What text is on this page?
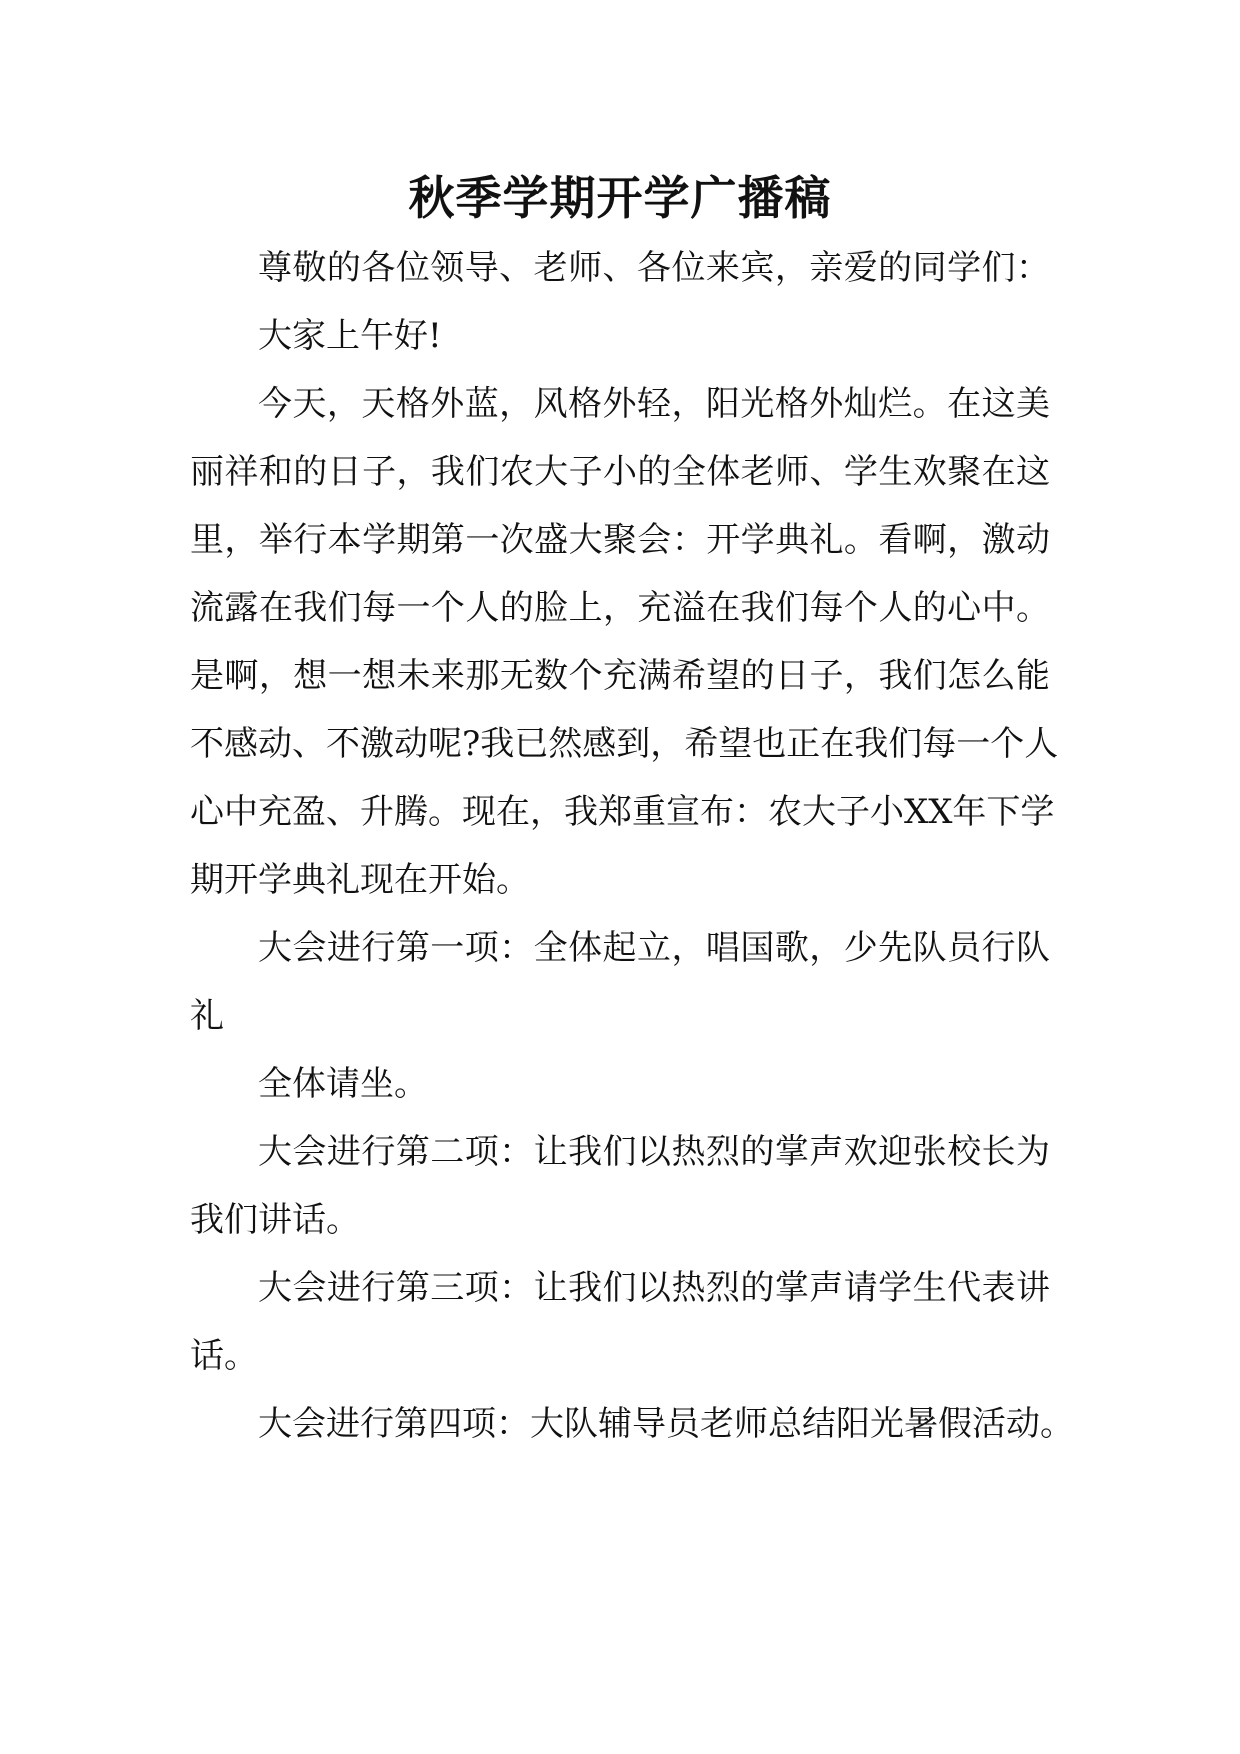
秋季学期开学广播稿
尊敬的各位领导、老师、各位来宾，亲爱的同学们：
大家上午好!
今天，天格外蓝，风格外轻，阳光格外灿烂。在这美
丽祥和的日子，我们农大子小的全体老师、学生欢聚在这
里，举行本学期第一次盛大聚会：开学典礼。看啊，激动
流露在我们每一个人的脸上，充溢在我们每个人的心中。
是啊，想一想未来那无数个充满希望的日子，我们怎么能
不感动、不激动呢?我已然感到，希望也正在我们每一个人
心中充盈、升腾。现在，我郑重宣布：农大子小XX年下学
期开学典礼现在开始。
大会进行第一项：全体起立，唱国歌，少先队员行队
礼
全体请坐。
大会进行第二项：让我们以热烈的掌声欢迎张校长为
我们讲话。
大会进行第三项：让我们以热烈的掌声请学生代表讲
话。
大会进行第四项：大队辅导员老师总结阳光暑假活动。
